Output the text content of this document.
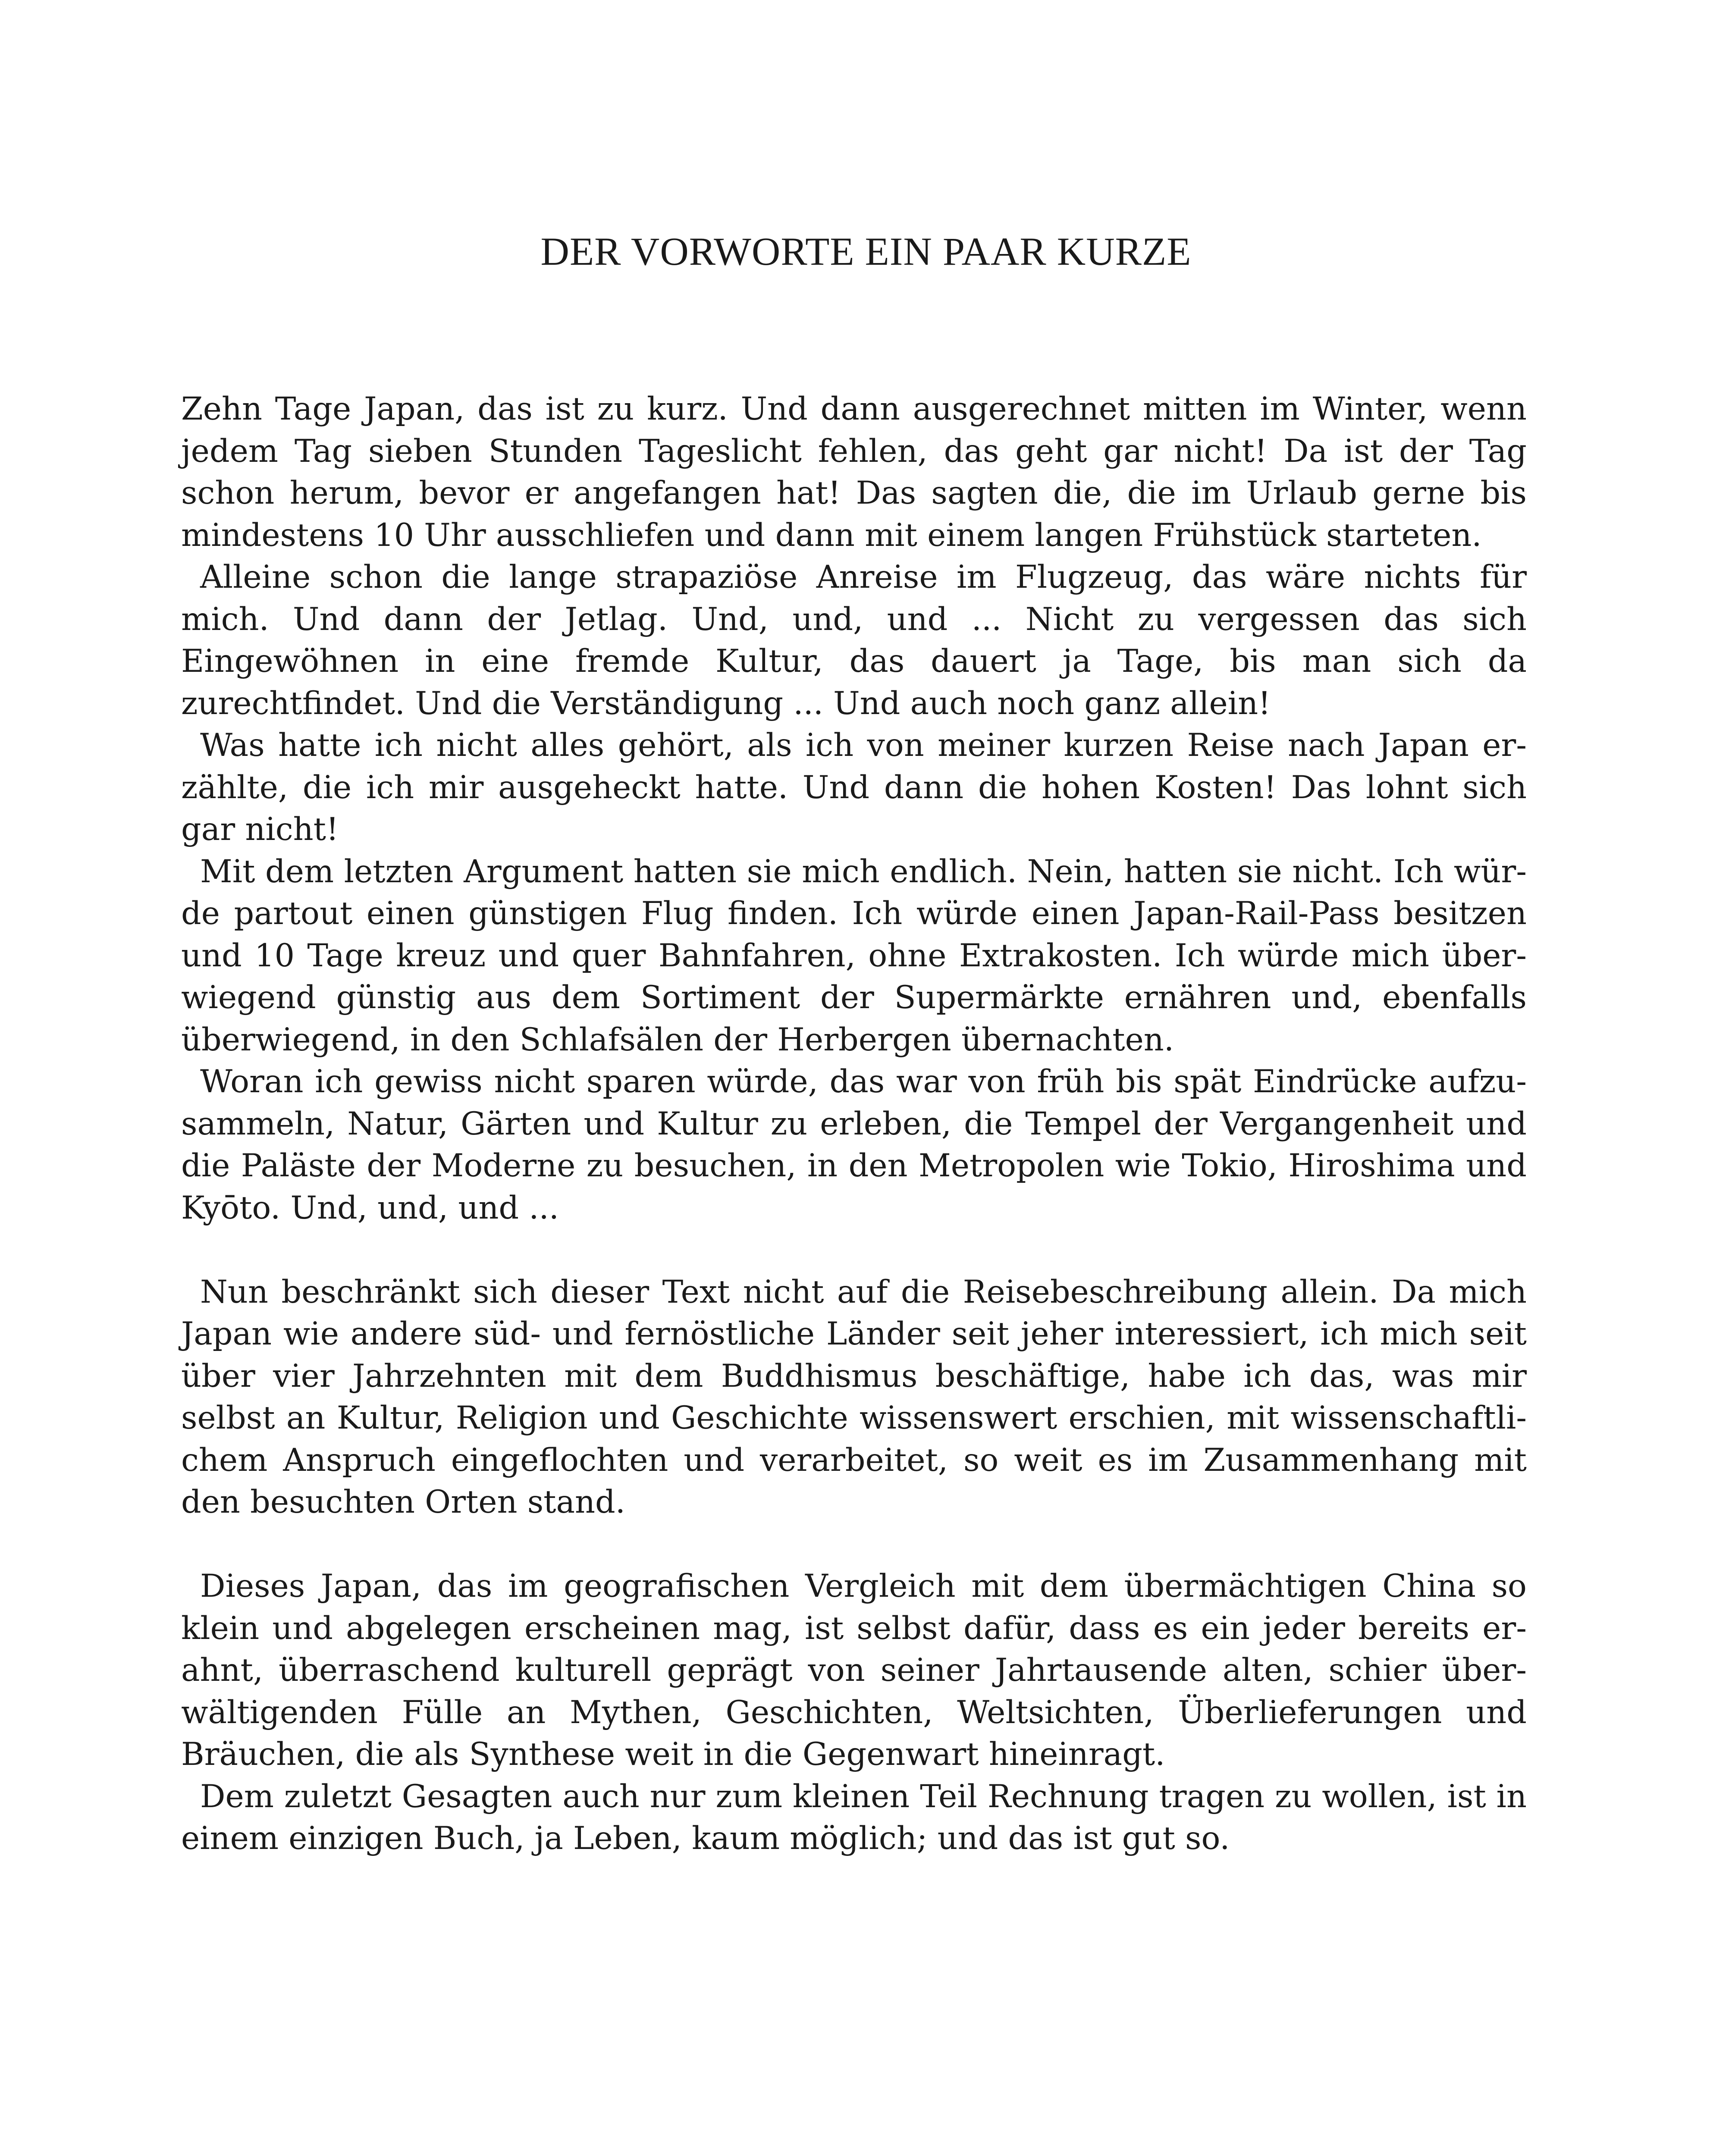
DER VORWORTE EIN PAAR KURZE

Zehn Tage Japan, das ist zu kurz. Und dann ausgerechnet mitten im Winter, wenn jedem Tag sieben Stunden Tageslicht fehlen, das geht gar nicht! Da ist der Tag schon herum, bevor er angefangen hat! Das sagten die, die im Urlaub gerne bis mindestens 10 Uhr ausschliefen und dann mit einem langen Frühstück starteten.

Alleine schon die lange strapaziöse Anreise im Flugzeug, das wäre nichts für mich. Und dann der Jetlag. Und, und, und ... Nicht zu vergessen das sich Eingewöhnen in eine fremde Kultur, das dauert ja Tage, bis man sich da zurechtfindet. Und die Verständigung ... Und auch noch ganz allein!

Was hatte ich nicht alles gehört, als ich von meiner kurzen Reise nach Japan erzählte, die ich mir ausgeheckt hatte. Und dann die hohen Kosten! Das lohnt sich gar nicht!

Mit dem letzten Argument hatten sie mich endlich. Nein, hatten sie nicht. Ich würde partout einen günstigen Flug finden. Ich würde einen Japan-Rail-Pass besitzen und 10 Tage kreuz und quer Bahnfahren, ohne Extrakosten. Ich würde mich überwiegend günstig aus dem Sortiment der Supermärkte ernähren und, ebenfalls überwiegend, in den Schlafsälen der Herbergen übernachten.

Woran ich gewiss nicht sparen würde, das war von früh bis spät Eindrücke aufzusammeln, Natur, Gärten und Kultur zu erleben, die Tempel der Vergangenheit und die Paläste der Moderne zu besuchen, in den Metropolen wie Tokio, Hiroshima und Kyōto. Und, und, und ...

Nun beschränkt sich dieser Text nicht auf die Reisebeschreibung allein. Da mich Japan wie andere süd- und fernöstliche Länder seit jeher interessiert, ich mich seit über vier Jahrzehnten mit dem Buddhismus beschäftige, habe ich das, was mir selbst an Kultur, Religion und Geschichte wissenswert erschien, mit wissenschaftlichem Anspruch eingeflochten und verarbeitet, so weit es im Zusammenhang mit den besuchten Orten stand.

Dieses Japan, das im geografischen Vergleich mit dem übermächtigen China so klein und abgelegen erscheinen mag, ist selbst dafür, dass es ein jeder bereits erahnt, überraschend kulturell geprägt von seiner Jahrtausende alten, schier überwältigenden Fülle an Mythen, Geschichten, Weltsichten, Überlieferungen und Bräuchen, die als Synthese weit in die Gegenwart hineinragt.

Dem zuletzt Gesagten auch nur zum kleinen Teil Rechnung tragen zu wollen, ist in einem einzigen Buch, ja Leben, kaum möglich; und das ist gut so.
